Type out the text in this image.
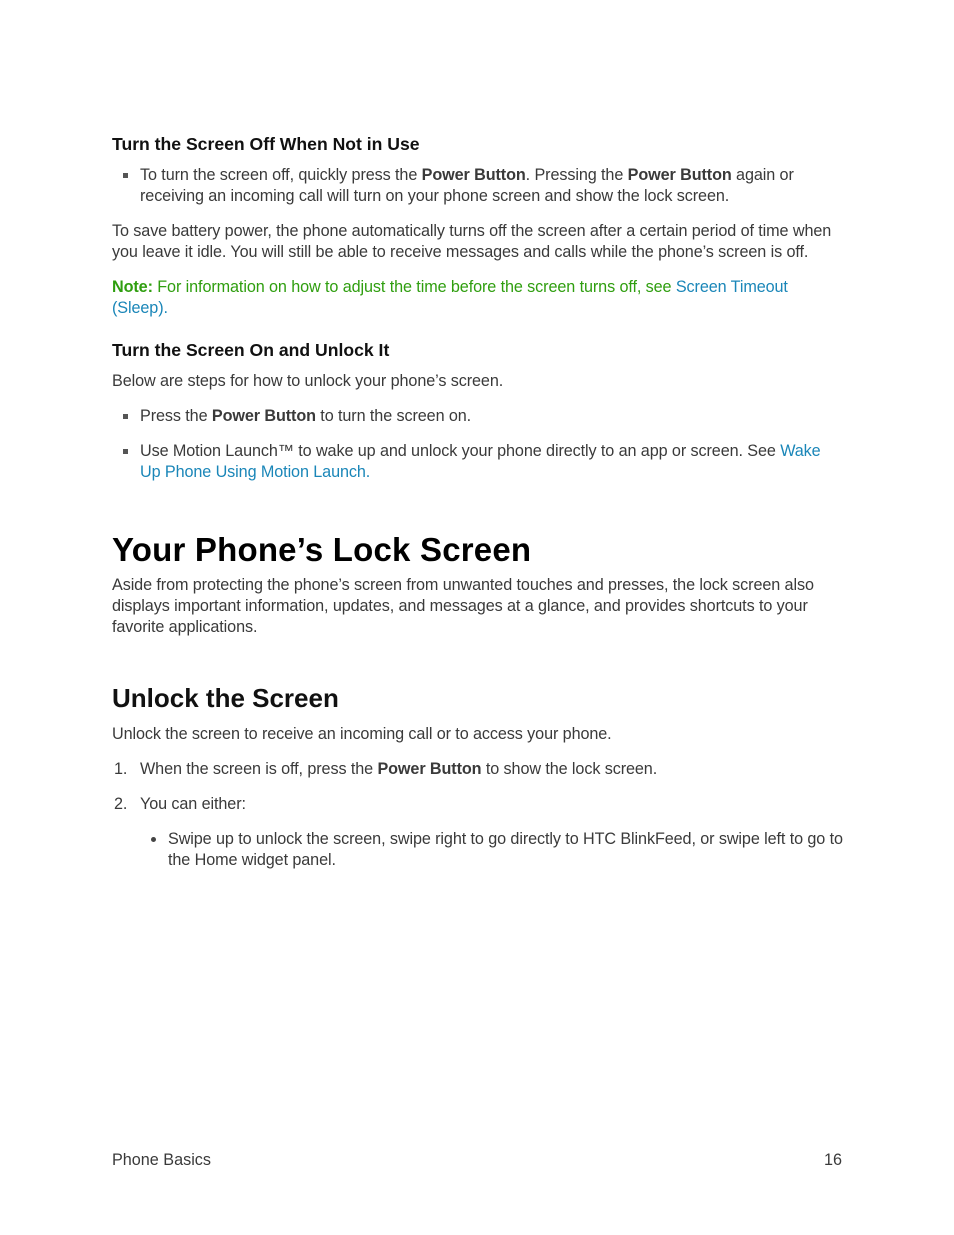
Turn the Screen Off When Not in Use
To turn the screen off, quickly press the Power Button. Pressing the Power Button again or receiving an incoming call will turn on your phone screen and show the lock screen.

To save battery power, the phone automatically turns off the screen after a certain period of time when you leave it idle. You will still be able to receive messages and calls while the phone’s screen is off.

Note: For information on how to adjust the time before the screen turns off, see Screen Timeout (Sleep).

Turn the Screen On and Unlock It

Below are steps for how to unlock your phone’s screen.

Press the Power Button to turn the screen on.
Use Motion Launch™ to wake up and unlock your phone directly to an app or screen. See Wake Up Phone Using Motion Launch.
Your Phone’s Lock Screen

Aside from protecting the phone’s screen from unwanted touches and presses, the lock screen also displays important information, updates, and messages at a glance, and provides shortcuts to your favorite applications.

Unlock the Screen

Unlock the screen to receive an incoming call or to access your phone.

1. When the screen is off, press the Power Button to show the lock screen.
2. You can either:
Swipe up to unlock the screen, swipe right to go directly to HTC BlinkFeed, or swipe left to go to the Home widget panel.
Phone Basics	16
